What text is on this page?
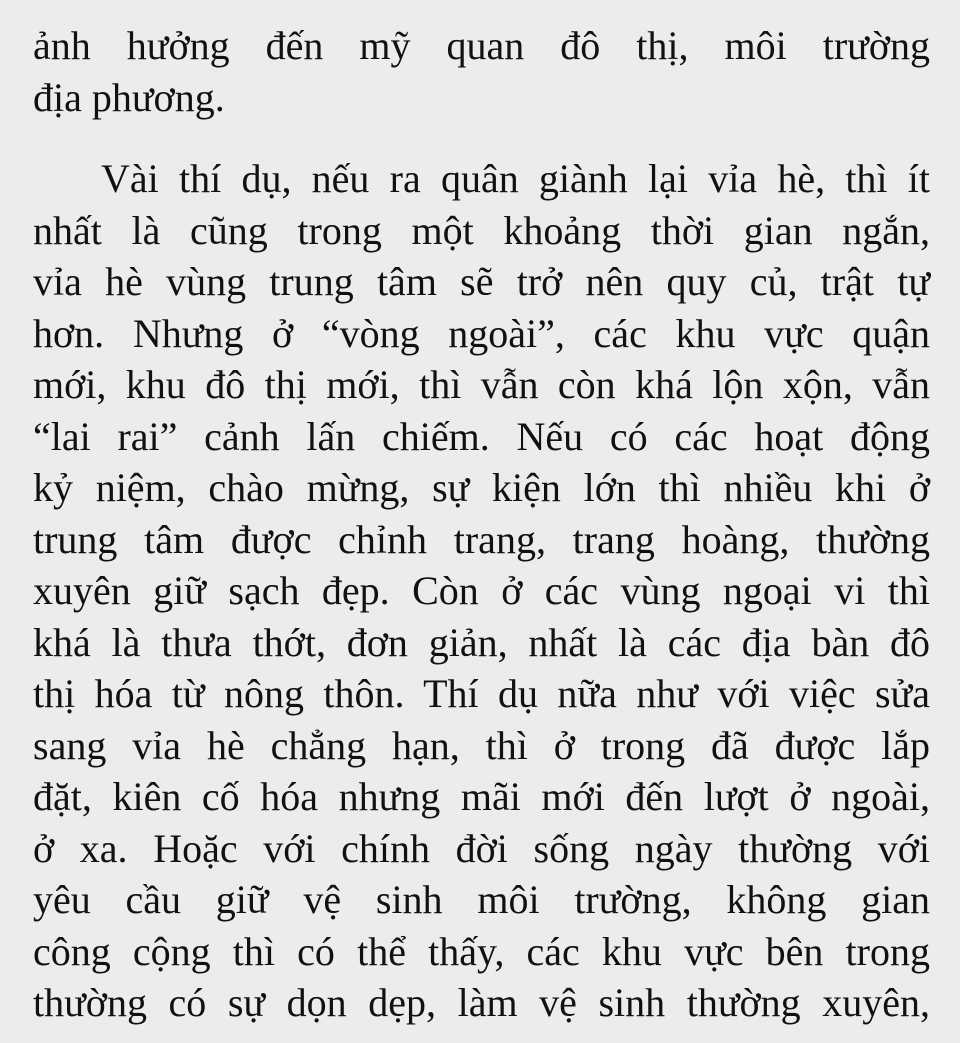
ảnh hưởng đến mỹ quan đô thị, môi trường
địa phương.
Vài thí dụ, nếu ra quân giành lại vỉa hè, thì ít
nhất là cũng trong một khoảng thời gian ngắn,
vỉa hè vùng trung tâm sẽ trở nên quy củ, trật tự
hơn. Nhưng ở “vòng ngoài”, các khu vực quận
mới, khu đô thị mới, thì vẫn còn khá lộn xộn, vẫn
“lai rai” cảnh lấn chiếm. Nếu có các hoạt động
kỷ niệm, chào mừng, sự kiện lớn thì nhiều khi ở
trung tâm được chỉnh trang, trang hoàng, thường
xuyên giữ sạch đẹp. Còn ở các vùng ngoại vi thì
khá là thưa thớt, đơn giản, nhất là các địa bàn đô
thị hóa từ nông thôn. Thí dụ nữa như với việc sửa
sang vỉa hè chẳng hạn, thì ở trong đã được lắp
đặt, kiên cố hóa nhưng mãi mới đến lượt ở ngoài,
ở xa. Hoặc với chính đời sống ngày thường với
yêu cầu giữ vệ sinh môi trường, không gian
công cộng thì có thể thấy, các khu vực bên trong
thường có sự dọn dẹp, làm vệ sinh thường xuyên,
